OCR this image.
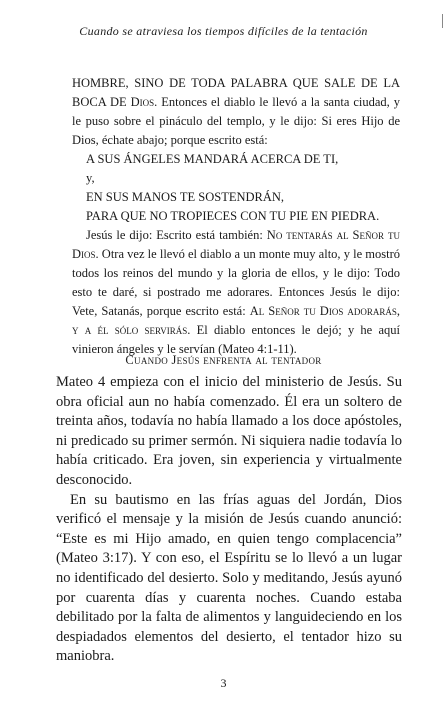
Cuando se atraviesa los tiempos difíciles de la tentación

HOMBRE, SINO DE TODA PALABRA QUE SALE DE LA BOCA DE Dios. Entonces el diablo le llevó a la santa ciudad, y le puso sobre el pináculo del templo, y le dijo: Si eres Hijo de Dios, échate abajo; porque escrito está:

A SUS ÁNGELES MANDARÁ ACERCA DE TI,

y,

EN SUS MANOS TE SOSTENDRÁN,

PARA QUE NO TROPIECES CON TU PIE EN PIEDRA.

Jesús le dijo: Escrito está también: No tentarás al Señor tu Dios. Otra vez le llevó el diablo a un monte muy alto, y le mostró todos los reinos del mundo y la gloria de ellos, y le dijo: Todo esto te daré, si postrado me adorares. Entonces Jesús le dijo: Vete, Satanás, porque escrito está: Al Señor tu Dios adorarás, y a él sólo servirás. El diablo entonces le dejó; y he aquí vinieron ángeles y le servían (Mateo 4:1-11).

Cuando Jesús enfrenta al tentador

Mateo 4 empieza con el inicio del ministerio de Jesús. Su obra oficial aun no había comenzado. Él era un soltero de treinta años, todavía no había llamado a los doce apóstoles, ni predicado su primer sermón. Ni siquiera nadie todavía lo había criticado. Era joven, sin experiencia y virtualmente desconocido.

En su bautismo en las frías aguas del Jordán, Dios verificó el mensaje y la misión de Jesús cuando anunció: “Este es mi Hijo amado, en quien tengo complacencia” (Mateo 3:17). Y con eso, el Espíritu se lo llevó a un lugar no identificado del desierto. Solo y meditando, Jesús ayunó por cuarenta días y cuarenta noches. Cuando estaba debilitado por la falta de alimentos y languideciendo en los despiadados elementos del desierto, el tentador hizo su maniobra.

3
